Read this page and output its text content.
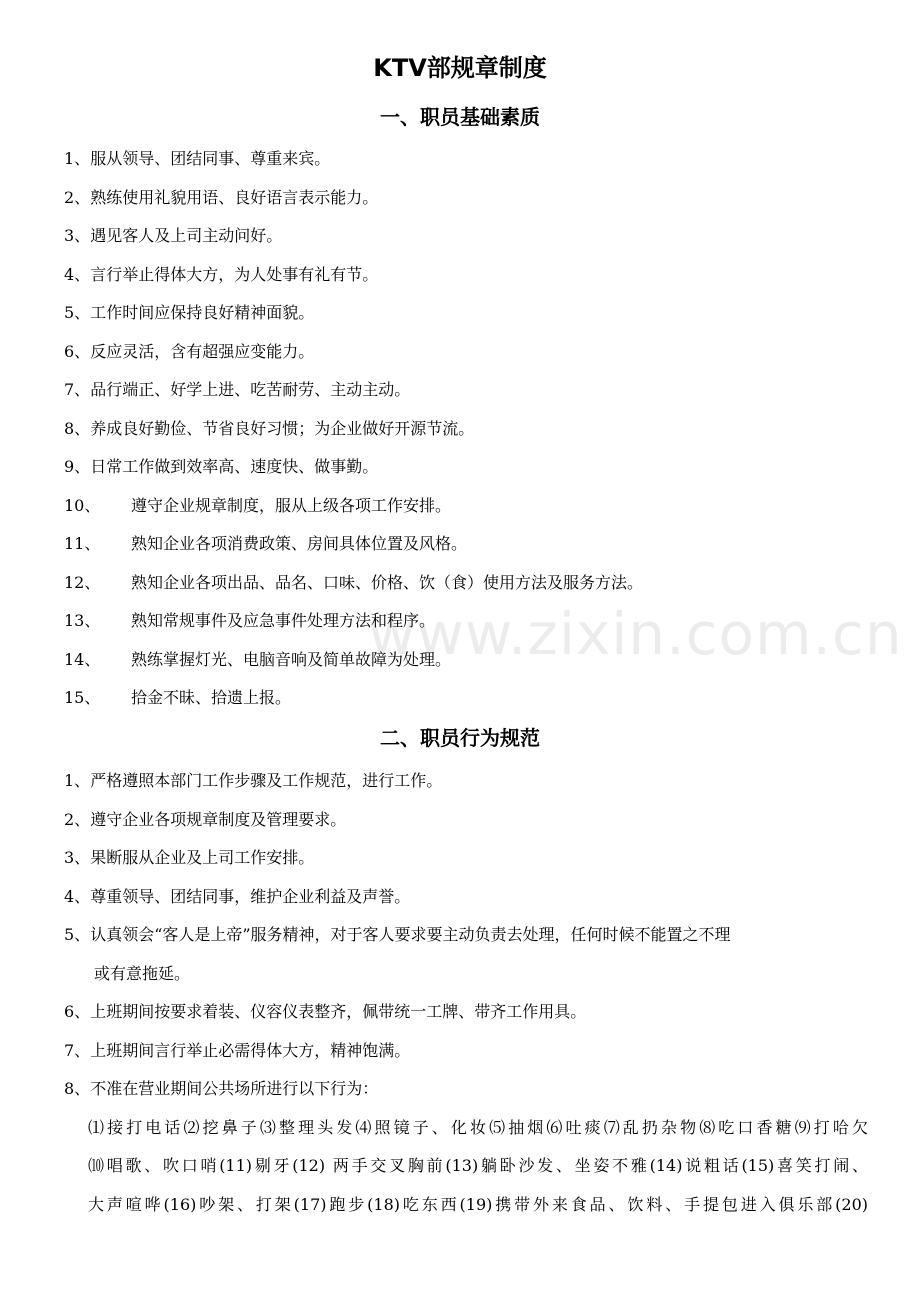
www.zixin.com.cn
KTV部规章制度
一、职员基础素质
1、服从领导、团结同事、尊重来宾。
2、熟练使用礼貌用语、良好语言表示能力。
3、遇见客人及上司主动问好。
4、言行举止得体大方，为人处事有礼有节。
5、工作时间应保持良好精神面貌。
6、反应灵活，含有超强应变能力。
7、品行端正、好学上进、吃苦耐劳、主动主动。
8、养成良好勤俭、节省良好习惯；为企业做好开源节流。
9、日常工作做到效率高、速度快、做事勤。
10、 遵守企业规章制度，服从上级各项工作安排。
11、 熟知企业各项消费政策、房间具体位置及风格。
12、 熟知企业各项出品、品名、口味、价格、饮（食）使用方法及服务方法。
13、 熟知常规事件及应急事件处理方法和程序。
14、 熟练掌握灯光、电脑音响及简单故障为处理。
15、 拾金不昧、拾遗上报。
二、职员行为规范
1、严格遵照本部门工作步骤及工作规范，进行工作。
2、遵守企业各项规章制度及管理要求。
3、果断服从企业及上司工作安排。
4、尊重领导、团结同事，维护企业利益及声誉。
5、认真领会“客人是上帝”服务精神，对于客人要求要主动负责去处理，任何时候不能置之不理
或有意拖延。
6、上班期间按要求着装、仪容仪表整齐，佩带统一工牌、带齐工作用具。
7、上班期间言行举止必需得体大方，精神饱满。
8、不准在营业期间公共场所进行以下行为：
⑴接打电话⑵挖鼻子⑶整理头发⑷照镜子、化妆⑸抽烟⑹吐痰⑺乱扔杂物⑻吃口香糖⑼打哈欠
⑽唱歌、吹口哨(11)剔牙(12) 两手交叉胸前(13)躺卧沙发、坐姿不雅(14)说粗话(15)喜笑打闹、
大声喧哗(16)吵架、打架(17)跑步(18)吃东西(19)携带外来食品、饮料、手提包进入俱乐部(20)
